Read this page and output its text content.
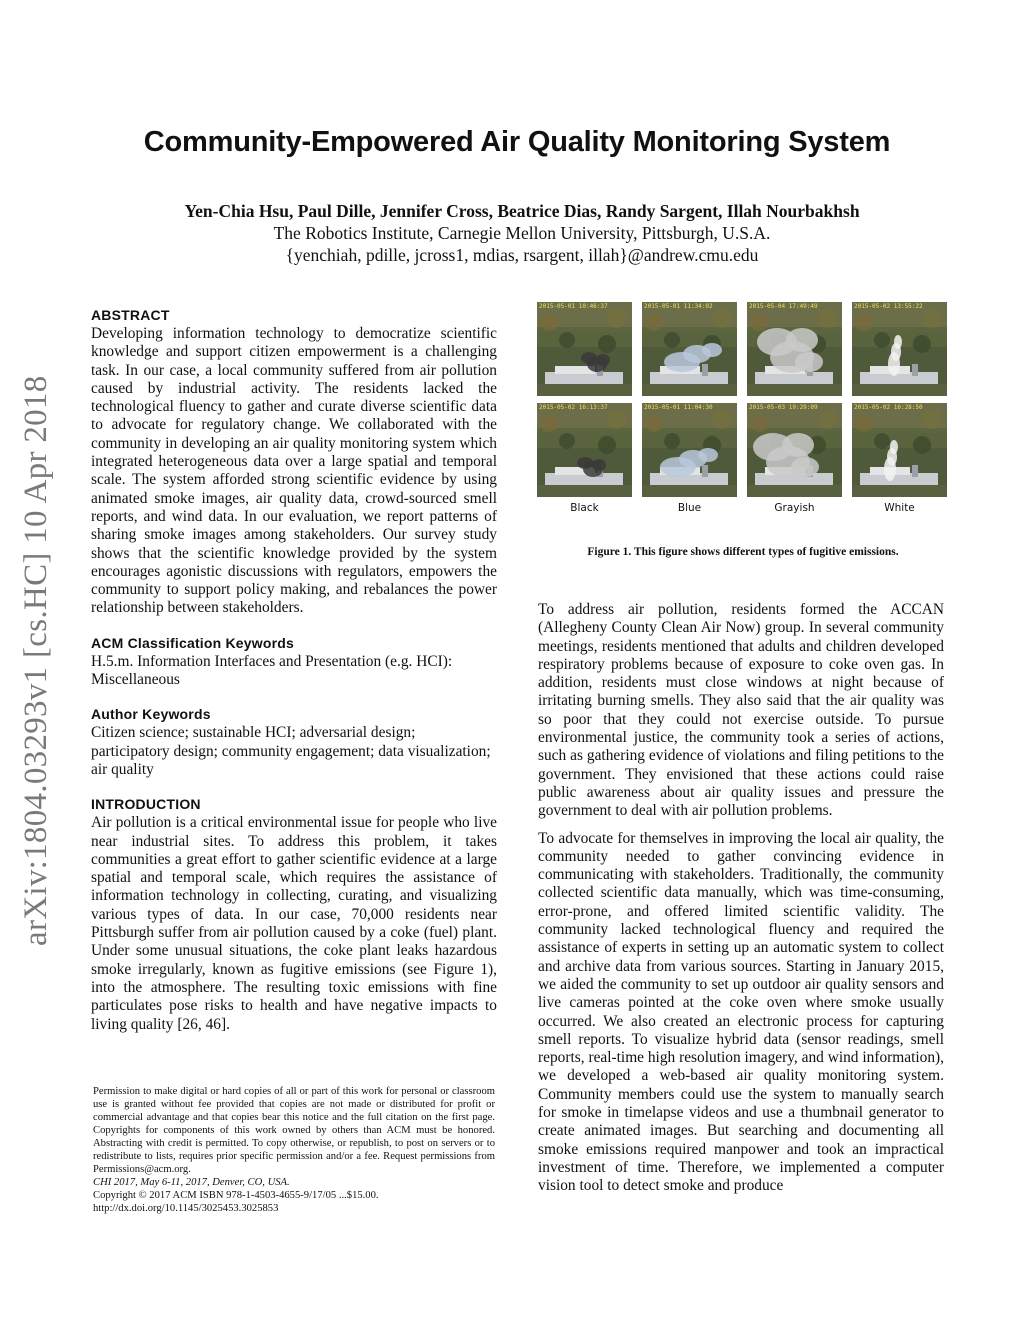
arXiv:1804.03293v1 [cs.HC] 10 Apr 2018
Community-Empowered Air Quality Monitoring System
Yen-Chia Hsu, Paul Dille, Jennifer Cross, Beatrice Dias, Randy Sargent, Illah Nourbakhsh
The Robotics Institute, Carnegie Mellon University, Pittsburgh, U.S.A.
{yenchiah, pdille, jcross1, mdias, rsargent, illah}@andrew.cmu.edu
ABSTRACT

Developing information technology to democratize scientific knowledge and support citizen empowerment is a challenging task. In our case, a local community suffered from air pollution caused by industrial activity. The residents lacked the technological fluency to gather and curate diverse scientific data to advocate for regulatory change. We collaborated with the community in developing an air quality monitoring system which integrated heterogeneous data over a large spatial and temporal scale. The system afforded strong scientific evidence by using animated smoke images, air quality data, crowd-sourced smell reports, and wind data. In our evaluation, we report patterns of sharing smoke images among stakeholders. Our survey study shows that the scientific knowledge provided by the system encourages agonistic discussions with regulators, empowers the community to support policy making, and rebalances the power relationship between stakeholders.

ACM Classification Keywords

H.5.m. Information Interfaces and Presentation (e.g. HCI): Miscellaneous

Author Keywords

Citizen science; sustainable HCI; adversarial design; participatory design; community engagement; data visualization; air quality

INTRODUCTION

Air pollution is a critical environmental issue for people who live near industrial sites. To address this problem, it takes communities a great effort to gather scientific evidence at a large spatial and temporal scale, which requires the assistance of information technology in collecting, curating, and visualizing various types of data. In our case, 70,000 residents near Pittsburgh suffer from air pollution caused by a coke (fuel) plant. Under some unusual situations, the coke plant leaks hazardous smoke irregularly, known as fugitive emissions (see Figure 1), into the atmosphere. The resulting toxic emissions with fine particulates pose risks to health and have negative impacts to living quality [26, 46].

Permission to make digital or hard copies of all or part of this work for personal or classroom use is granted without fee provided that copies are not made or distributed for profit or commercial advantage and that copies bear this notice and the full citation on the first page. Copyrights for components of this work owned by others than ACM must be honored. Abstracting with credit is permitted. To copy otherwise, or republish, to post on servers or to redistribute to lists, requires prior specific permission and/or a fee. Request permissions from Permissions@acm.org.

CHI 2017, May 6-11, 2017, Denver, CO, USA.

Copyright © 2017 ACM ISBN 978-1-4503-4655-9/17/05 ...$15.00.

http://dx.doi.org/10.1145/3025453.3025853

2015-05-01 10:46:37	2015-05-01 11:34:02	2015-05-04 17:49:49	2015-05-02 13:55:22
2015-05-02 16:13:37	2015-05-01 11:04:30	2015-05-03 19:29:09	2015-05-02 16:28:50
Black	Blue	Grayish	White
Figure 1. This figure shows different types of fugitive emissions.

To address air pollution, residents formed the ACCAN (Allegheny County Clean Air Now) group. In several community meetings, residents mentioned that adults and children developed respiratory problems because of exposure to coke oven gas. In addition, residents must close windows at night because of irritating burning smells. They also said that the air quality was so poor that they could not exercise outside. To pursue environmental justice, the community took a series of actions, such as gathering evidence of violations and filing petitions to the government. They envisioned that these actions could raise public awareness about air quality issues and pressure the government to deal with air pollution problems.

To advocate for themselves in improving the local air quality, the community needed to gather convincing evidence in communicating with stakeholders. Traditionally, the community collected scientific data manually, which was time-consuming, error-prone, and offered limited scientific validity. The community lacked technological fluency and required the assistance of experts in setting up an automatic system to collect and archive data from various sources. Starting in January 2015, we aided the community to set up outdoor air quality sensors and live cameras pointed at the coke oven where smoke usually occurred. We also created an electronic process for capturing smell reports. To visualize hybrid data (sensor readings, smell reports, real-time high resolution imagery, and wind information), we developed a web-based air quality monitoring system. Community members could use the system to manually search for smoke in timelapse videos and use a thumbnail generator to create animated images. But searching and documenting all smoke emissions required manpower and took an impractical investment of time. Therefore, we implemented a computer vision tool to detect smoke and produce
